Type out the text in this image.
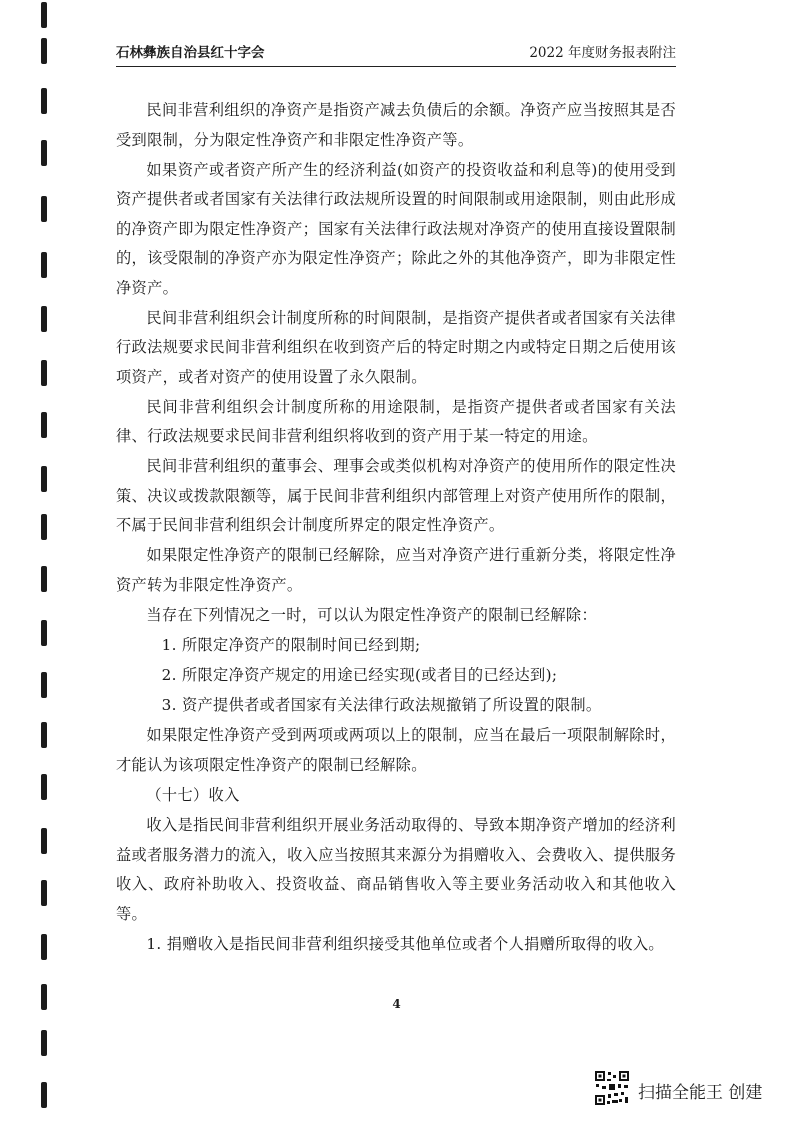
石林彝族自治县红十字会	2022 年度财务报表附注

民间非营利组织的净资产是指资产减去负债后的余额。净资产应当按照其是否受到限制，分为限定性净资产和非限定性净资产等。

如果资产或者资产所产生的经济利益(如资产的投资收益和利息等)的使用受到资产提供者或者国家有关法律行政法规所设置的时间限制或用途限制，则由此形成的净资产即为限定性净资产；国家有关法律行政法规对净资产的使用直接设置限制的，该受限制的净资产亦为限定性净资产；除此之外的其他净资产，即为非限定性净资产。

民间非营利组织会计制度所称的时间限制，是指资产提供者或者国家有关法律行政法规要求民间非营利组织在收到资产后的特定时期之内或特定日期之后使用该项资产，或者对资产的使用设置了永久限制。

民间非营利组织会计制度所称的用途限制，是指资产提供者或者国家有关法律、行政法规要求民间非营利组织将收到的资产用于某一特定的用途。

民间非营利组织的董事会、理事会或类似机构对净资产的使用所作的限定性决策、决议或拨款限额等，属于民间非营利组织内部管理上对资产使用所作的限制，不属于民间非营利组织会计制度所界定的限定性净资产。

如果限定性净资产的限制已经解除，应当对净资产进行重新分类，将限定性净资产转为非限定性净资产。

当存在下列情况之一时，可以认为限定性净资产的限制已经解除：

1. 所限定净资产的限制时间已经到期;

2. 所限定净资产规定的用途已经实现(或者目的已经达到);

3. 资产提供者或者国家有关法律行政法规撤销了所设置的限制。

如果限定性净资产受到两项或两项以上的限制，应当在最后一项限制解除时，才能认为该项限定性净资产的限制已经解除。

（十七）收入

收入是指民间非营利组织开展业务活动取得的、导致本期净资产增加的经济利益或者服务潜力的流入，收入应当按照其来源分为捐赠收入、会费收入、提供服务收入、政府补助收入、投资收益、商品销售收入等主要业务活动收入和其他收入等。

1. 捐赠收入是指民间非营利组织接受其他单位或者个人捐赠所取得的收入。

4
扫描全能王 创建
